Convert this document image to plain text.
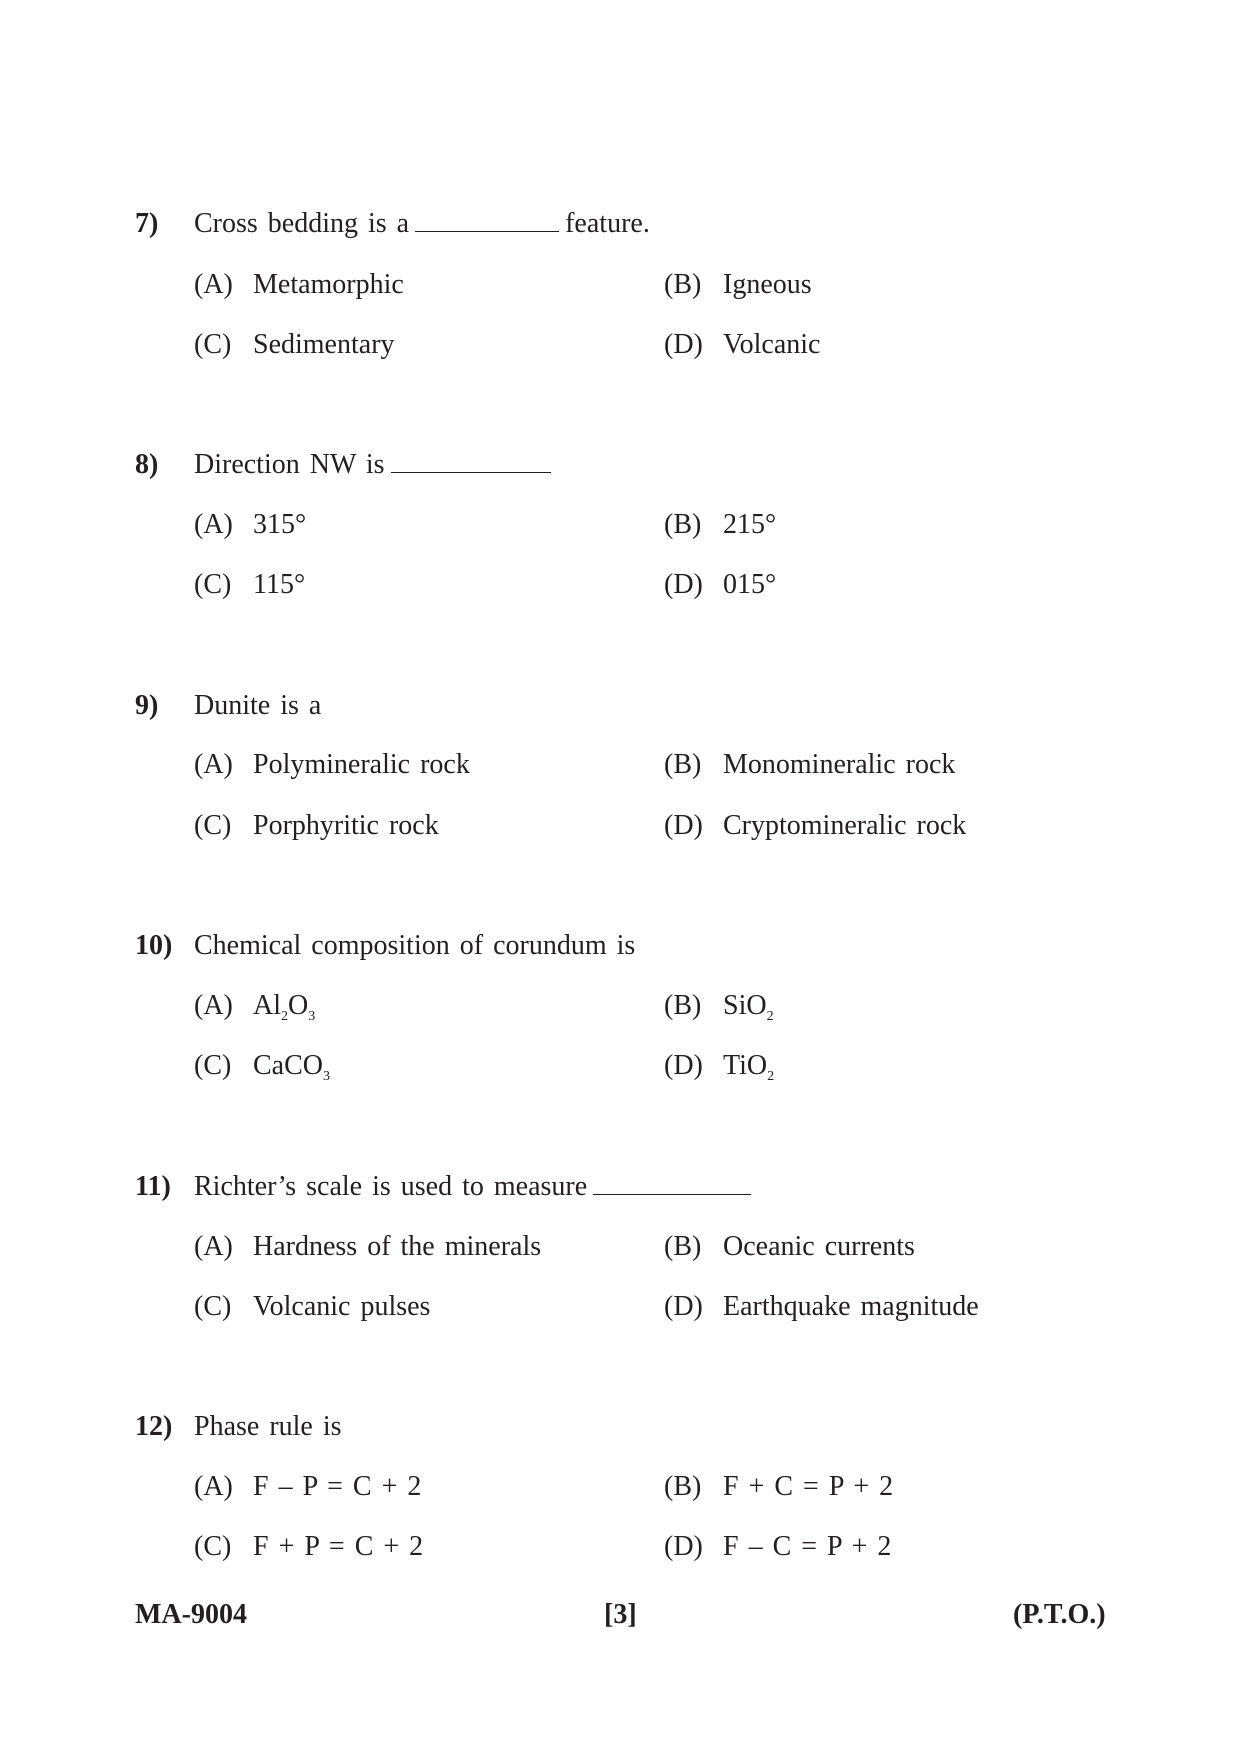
7) Cross bedding is a	feature.
(A) Metamorphic	(B) Igneous
(C) Sedimentary	(D) Volcanic
8) Direction NW is
(A) 315°	(B) 215°
(C) 115°	(D) 015°
9) Dunite is a
(A) Polymineralic rock	(B) Monomineralic rock
(C) Porphyritic rock	(D) Cryptomineralic rock
10) Chemical composition of corundum is
(A) $Al_2O_3$	(B) SiO$_2$
(C) CaCO$_3$	(D) TiO$_2$
11) Richter’s scale is used to measure
(A) Hardness of the minerals	(B) Oceanic currents
(C) Volcanic pulses	(D) Earthquake magnitude
12) Phase rule is
(A) F – P = C + 2	(B) F + C = P + 2
(C) F + P = C + 2	(D) F – C = P + 2
MA-9004	[3]	(P.T.O.)
